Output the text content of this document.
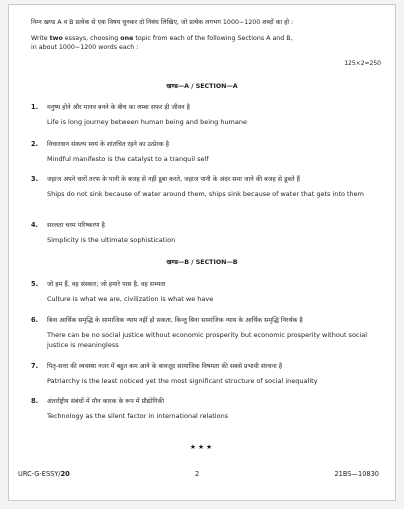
निम्न खण्ड A व B प्रत्येक से एक विषय चुनकर दो निबंध लिखिए, जो प्रत्येक लगभग 1000−1200 शब्दों का हो :
Write two essays, choosing one topic from each of the following Sections A and B,
in about 1000−1200 words each :
125×2=250
खण्ड—A / SECTION—A
1. मनुष्य होने और मानव बनने के बीच का लम्बा सफर ही जीवन है
Life is long journey between human being and being humane
2. विचारवान संकल्प स्वयं के शांतचित रहने का उत्प्रेरक है
Mindful manifesto is the catalyst to a tranquil self
3. जहाज अपने चारों तरफ के पानी के बजह से नहीं डूबा करते, जहाज पानी के अंदर समा जाने की बजह से डूबते हैं
Ships do not sink because of water around them, ships sink because of water that gets into them
4. सरलता चरम परिष्करण है
Simplicity is the ultimate sophistication
खण्ड—B / SECTION—B
5. जो हम हैं, वह संस्कार; जो हमारे पास है, वह सभ्यता
Culture is what we are, civilization is what we have
6. बिना आर्थिक समृद्धि के सामाजिक न्याय नहीं हो सकता, किन्तु बिना सामाजिक न्याय के आर्थिक समृद्धि निरर्थक है
There can be no social justice without economic prosperity but economic prosperity without social justice is meaningless
7. पितृ-सत्ता की व्यवस्था नजर में बहुत कम आने के बावजूद सामाजिक विषमता की सबसे प्रभावी संरचना है
Patriarchy is the least noticed yet the most significant structure of social inequality
8. अंतर्राष्ट्रीय संबंधों में मौन कारक के रूप में प्रौद्योगिकी
Technology as the silent factor in international relations
★★★
URC-G-ESSY/20	2	21BS—10830
